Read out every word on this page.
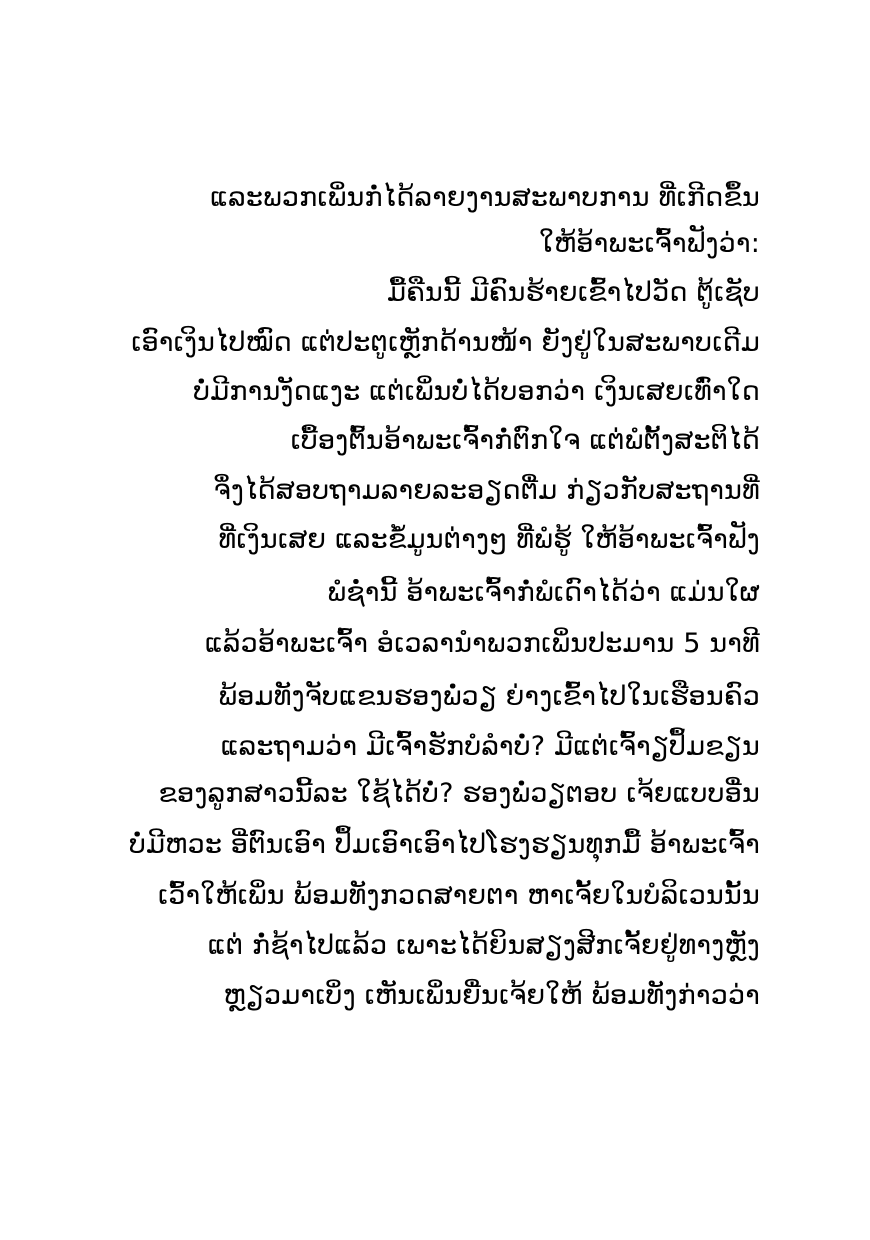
ແລະພວກເພິ່ນກໍ່ໄດ້ລາຍງານສະພາບການ ທີ່ເກີດຂຶ້ນ
ໃຫ້ອ້າພະເຈົ້າຟັງວ່າ:
ມື້ຄືນນີ້ ມີຄົນຮ້າຍເຂົ້າໄປວັດ ຕູ້ເຊັບ
ເອົາເງິນໄປໝົດ ແຕ່ປະຕູເຫຼັກດ້ານໜ້າ ຍັງຢູ່ໃນສະພາບເດີມ
ບໍ່ມີການງັດແງະ ແຕ່ເພິ່ນບໍ່ໄດ້ບອກວ່າ ເງິນເສຍເທົ່າໃດ
ເບື້ອງຕົ້ນອ້າພະເຈົ້າກໍ່ຕົກໃຈ ແຕ່ພໍຕັ້ງສະຕິໄດ້
ຈຶ່ງໄດ້ສອບຖາມລາຍລະອຽດຕື່ມ ກ່ຽວກັບສະຖານທີ່
ທີ່ເງິນເສຍ ແລະຂໍ້ມູນຕ່າງໆ ທີ່ພໍຮູ້ ໃຫ້ອ້າພະເຈົ້າຟັງ
ພໍຊໍ່ານີ້ ອ້າພະເຈົ້າກໍ່ພໍເດົາໄດ້ວ່າ ແມ່ນໃຜ
ແລ້ວອ້າພະເຈົ້າ ອໍເວລານຳພວກເພິ່ນປະມານ 5 ນາທີ
ພ້ອມທັງຈັບແຂນຮອງພໍ່ວຽ ຍ່າງເຂົ້າໄປໃນເຮືອນຄົວ
ແລະຖາມວ່າ ມີເຈົ້າຮັກບໍລຳບໍ່? ມີແຕ່ເຈົ້າຽປຶ້ມຂຽນ
ຂອງລູກສາວນີ້ລະ ໃຊ້ໄດ້ບໍ່? ຮອງພໍ່ວຽຕອບ ເຈ້ຍແບບອື່ນ
ບໍ່ມີຫວະ ອີ່ຕົນເອົາ ປຶ້ມເອົາເອົາໄປໂຮງຮຽນທຸກມື້ ອ້າພະເຈົ້າ
ເວົ້າໃຫ້ເພິ່ນ ພ້ອມທັງກວດສາຍຕາ ຫາເຈັ້ຍໃນບໍລິເວນນັ້ນ
ແຕ່ ກໍ່ຊ້າໄປແລ້ວ ເພາະໄດ້ຍິນສຽງສີກເຈັ້ຍຢູ່ທາງຫຼັງ
ຫຼຽວມາເບິ່ງ ເຫັນເພິ່ນຍື່ນເຈ້ຍໃຫ້ ພ້ອມທັງກ່າວວ່າ
